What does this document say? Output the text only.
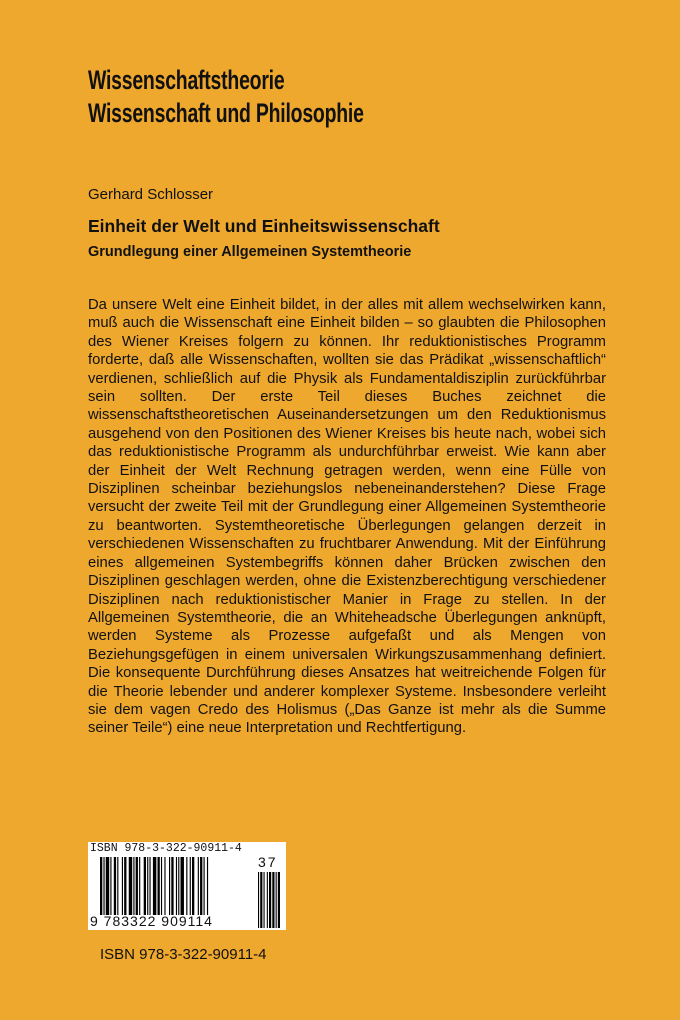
Wissenschaftstheorie
Wissenschaft und Philosophie
Gerhard Schlosser
Einheit der Welt und Einheitswissenschaft
Grundlegung einer Allgemeinen Systemtheorie
Da unsere Welt eine Einheit bildet, in der alles mit allem wechselwirken kann, muß auch die Wissenschaft eine Einheit bilden – so glaubten die Philosophen des Wiener Kreises folgern zu können. Ihr reduktionistisches Programm forderte, daß alle Wissenschaften, wollten sie das Prädikat „wissenschaftlich“ verdienen, schließlich auf die Physik als Fundamentaldisziplin zurückführbar sein sollten. Der erste Teil dieses Buches zeichnet die wissenschaftstheoretischen Auseinandersetzungen um den Reduktionismus ausgehend von den Positionen des Wiener Kreises bis heute nach, wobei sich das reduktionistische Programm als undurchführbar erweist. Wie kann aber der Einheit der Welt Rechnung getragen werden, wenn eine Fülle von Disziplinen scheinbar beziehungslos nebeneinanderstehen? Diese Frage versucht der zweite Teil mit der Grundlegung einer Allgemeinen Systemtheorie zu beantworten. Systemtheoretische Überlegungen gelangen derzeit in verschiedenen Wissenschaften zu fruchtbarer Anwendung. Mit der Einführung eines allgemeinen Systembegriffs können daher Brücken zwischen den Disziplinen geschlagen werden, ohne die Existenzberechtigung verschiedener Disziplinen nach reduktionistischer Manier in Frage zu stellen. In der Allgemeinen Systemtheorie, die an Whiteheadsche Überlegungen anknüpft, werden Systeme als Prozesse aufgefaßt und als Mengen von Beziehungsgefügen in einem universalen Wirkungszusammenhang definiert. Die konsequente Durchführung dieses Ansatzes hat weitreichende Folgen für die Theorie lebender und anderer komplexer Systeme. Insbesondere verleiht sie dem vagen Credo des Holismus („Das Ganze ist mehr als die Summe seiner Teile“) eine neue Interpretation und Rechtfertigung.
ISBN 978-3-322-90911-4
9 783322 909114
37
ISBN 978-3-322-90911-4
